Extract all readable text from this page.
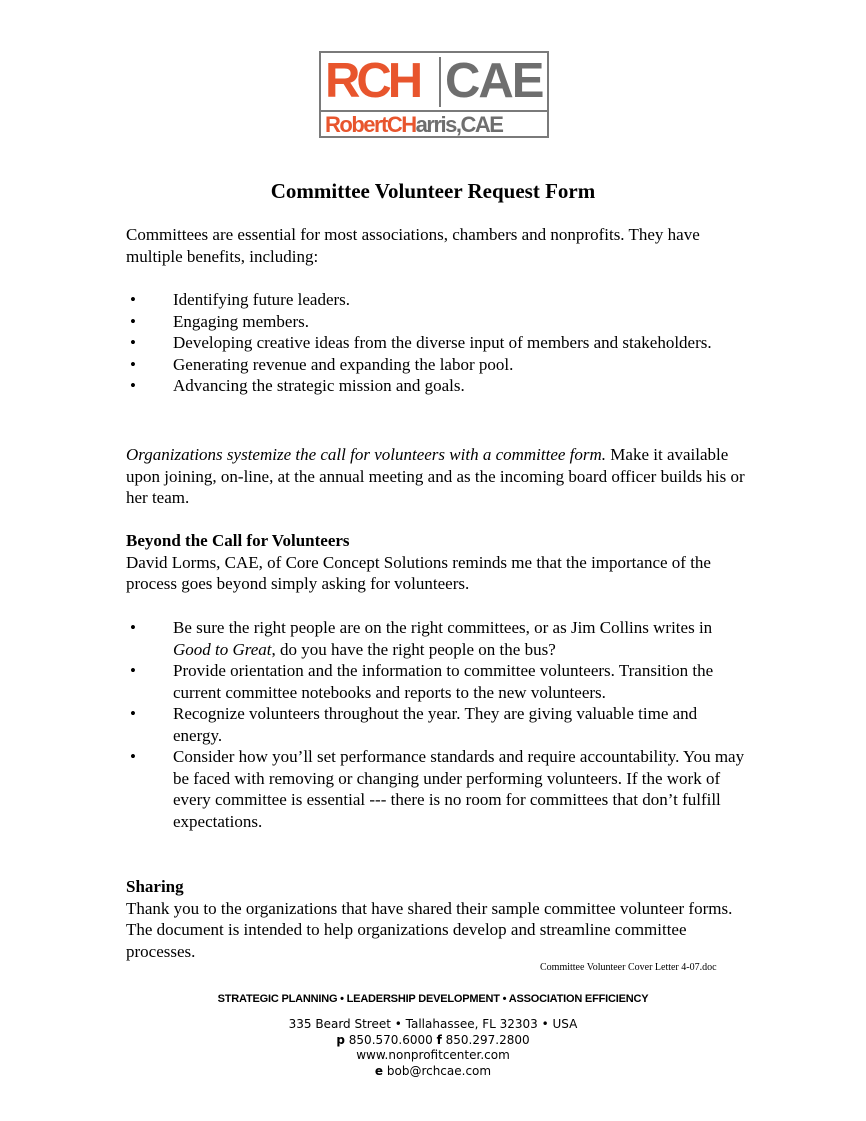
RCH CAE
RobertCHarris,CAE
Committee Volunteer Request Form
Committees are essential for most associations, chambers and nonprofits. They have multiple benefits, including:
• Identifying future leaders.
• Engaging members.
• Developing creative ideas from the diverse input of members and stakeholders.
• Generating revenue and expanding the labor pool.
• Advancing the strategic mission and goals.
Organizations systemize the call for volunteers with a committee form. Make it available upon joining, on-line, at the annual meeting and as the incoming board officer builds his or her team.
Beyond the Call for Volunteers
David Lorms, CAE, of Core Concept Solutions reminds me that the importance of the process goes beyond simply asking for volunteers.
• Be sure the right people are on the right committees, or as Jim Collins writes in Good to Great, do you have the right people on the bus?
• Provide orientation and the information to committee volunteers. Transition the current committee notebooks and reports to the new volunteers.
• Recognize volunteers throughout the year. They are giving valuable time and energy.
• Consider how you’ll set performance standards and require accountability. You may be faced with removing or changing under performing volunteers. If the work of every committee is essential --- there is no room for committees that don’t fulfill expectations.
Sharing
Thank you to the organizations that have shared their sample committee volunteer forms. The document is intended to help organizations develop and streamline committee processes.
Committee Volunteer Cover Letter 4-07.doc
STRATEGIC PLANNING • LEADERSHIP DEVELOPMENT • ASSOCIATION EFFICIENCY
335 Beard Street • Tallahassee, FL 32303 • USA
p 850.570.6000 f 850.297.2800
www.nonprofitcenter.com
e bob@rchcae.com
